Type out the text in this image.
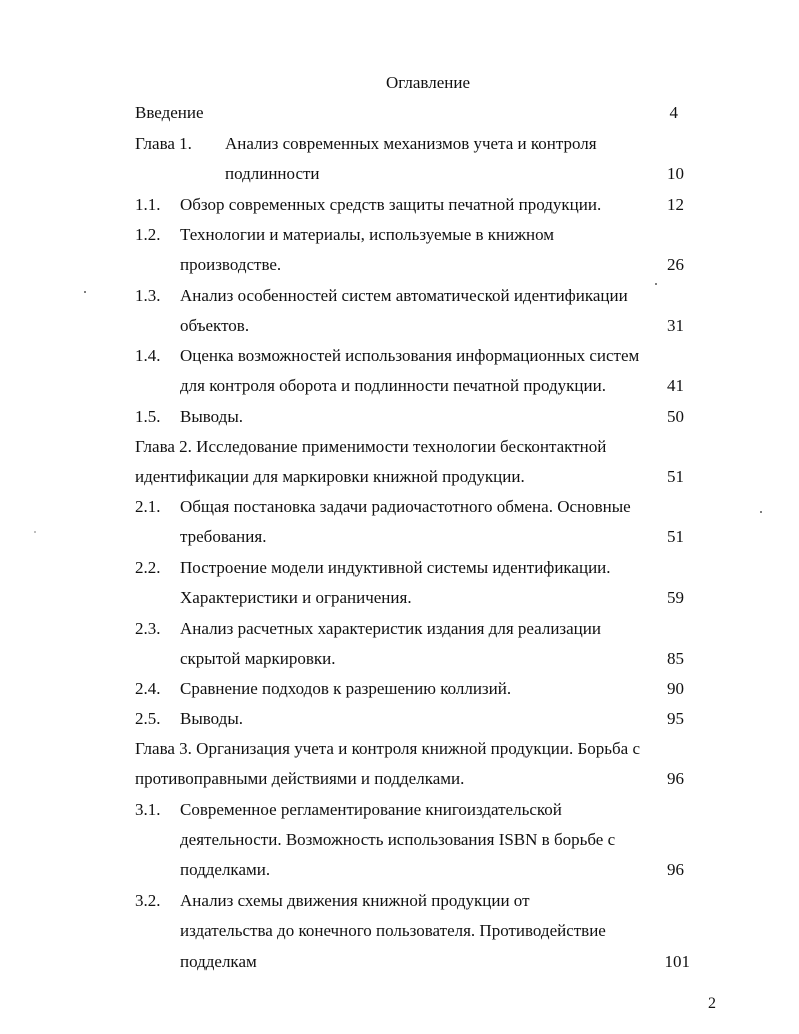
Оглавление
Введение	4
Глава 1. Анализ современных механизмов учета и контроля
подлинности	10
1.1. Обзор современных средств защиты печатной продукции.	12
1.2. Технологии и материалы, используемые в книжном
производстве.	26
1.3. Анализ особенностей систем автоматической идентификации
объектов.	31
1.4. Оценка возможностей использования информационных систем
для контроля оборота и подлинности печатной продукции.	41
1.5. Выводы.	50
Глава 2. Исследование применимости технологии бесконтактной
идентификации для маркировки книжной продукции.	51
2.1. Общая постановка задачи радиочастотного обмена. Основные
требования.	51
2.2. Построение модели индуктивной системы идентификации.
Характеристики и ограничения.	59
2.3. Анализ расчетных характеристик издания для реализации
скрытой маркировки.	85
2.4. Сравнение подходов к разрешению коллизий.	90
2.5. Выводы.	95
Глава 3. Организация учета и контроля книжной продукции. Борьба с
противоправными действиями и подделками.	96
3.1. Современное регламентирование книгоиздательской
деятельности. Возможность использования ISBN в борьбе с
подделками.	96
3.2. Анализ схемы движения книжной продукции от
издательства до конечного пользователя. Противодействие
подделкам	101
2
